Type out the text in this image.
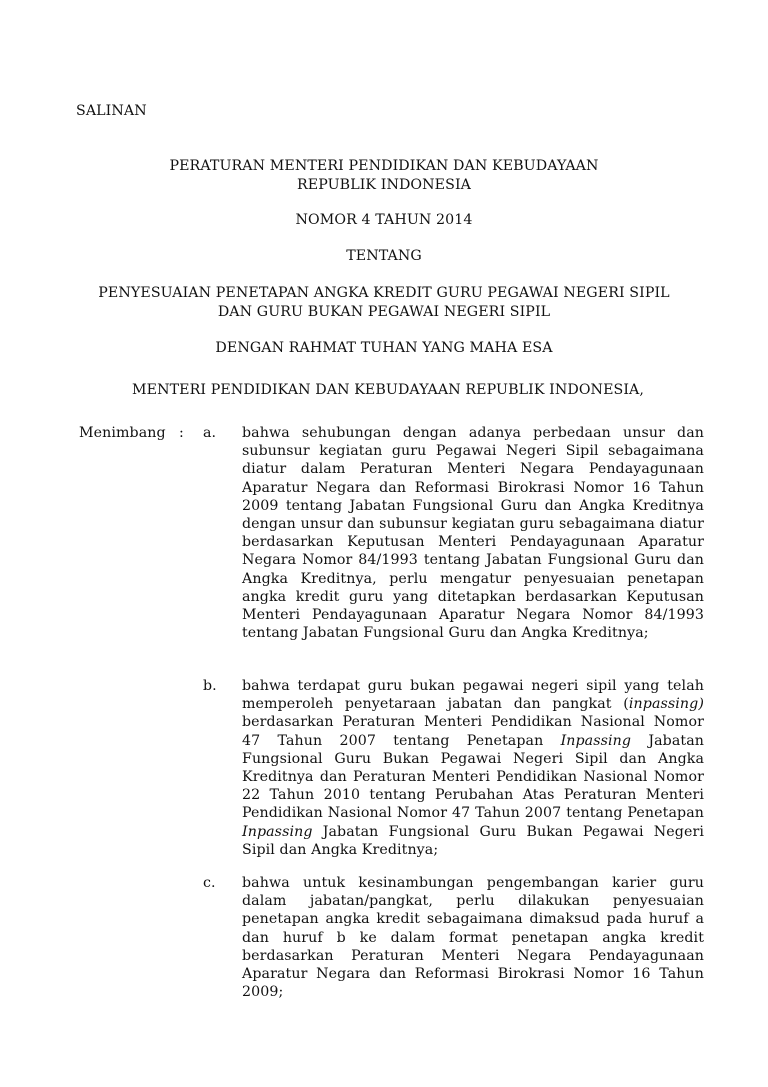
SALINAN
PERATURAN MENTERI PENDIDIKAN DAN KEBUDAYAAN
REPUBLIK INDONESIA
NOMOR 4 TAHUN 2014
TENTANG
PENYESUAIAN PENETAPAN ANGKA KREDIT GURU PEGAWAI NEGERI SIPIL
DAN GURU BUKAN PEGAWAI NEGERI SIPIL
DENGAN RAHMAT TUHAN YANG MAHA ESA
MENTERI PENDIDIKAN DAN KEBUDAYAAN REPUBLIK INDONESIA,
Menimbang : a. bahwa sehubungan dengan adanya perbedaan unsur dan subunsur kegiatan guru Pegawai Negeri Sipil sebagaimana diatur dalam Peraturan Menteri Negara Pendayagunaan Aparatur Negara dan Reformasi Birokrasi Nomor 16 Tahun 2009 tentang Jabatan Fungsional Guru dan Angka Kreditnya dengan unsur dan subunsur kegiatan guru sebagaimana diatur berdasarkan Keputusan Menteri Pendayagunaan Aparatur Negara Nomor 84/1993 tentang Jabatan Fungsional Guru dan Angka Kreditnya, perlu mengatur penyesuaian penetapan angka kredit guru yang ditetapkan berdasarkan Keputusan Menteri Pendayagunaan Aparatur Negara Nomor 84/1993 tentang Jabatan Fungsional Guru dan Angka Kreditnya;
b. bahwa terdapat guru bukan pegawai negeri sipil yang telah memperoleh penyetaraan jabatan dan pangkat (inpassing) berdasarkan Peraturan Menteri Pendidikan Nasional Nomor 47 Tahun 2007 tentang Penetapan Inpassing Jabatan Fungsional Guru Bukan Pegawai Negeri Sipil dan Angka Kreditnya dan Peraturan Menteri Pendidikan Nasional Nomor 22 Tahun 2010 tentang Perubahan Atas Peraturan Menteri Pendidikan Nasional Nomor 47 Tahun 2007 tentang Penetapan Inpassing Jabatan Fungsional Guru Bukan Pegawai Negeri Sipil dan Angka Kreditnya;
c. bahwa untuk kesinambungan pengembangan karier guru dalam jabatan/pangkat, perlu dilakukan penyesuaian penetapan angka kredit sebagaimana dimaksud pada huruf a dan huruf b ke dalam format penetapan angka kredit berdasarkan Peraturan Menteri Negara Pendayagunaan Aparatur Negara dan Reformasi Birokrasi Nomor 16 Tahun 2009;
